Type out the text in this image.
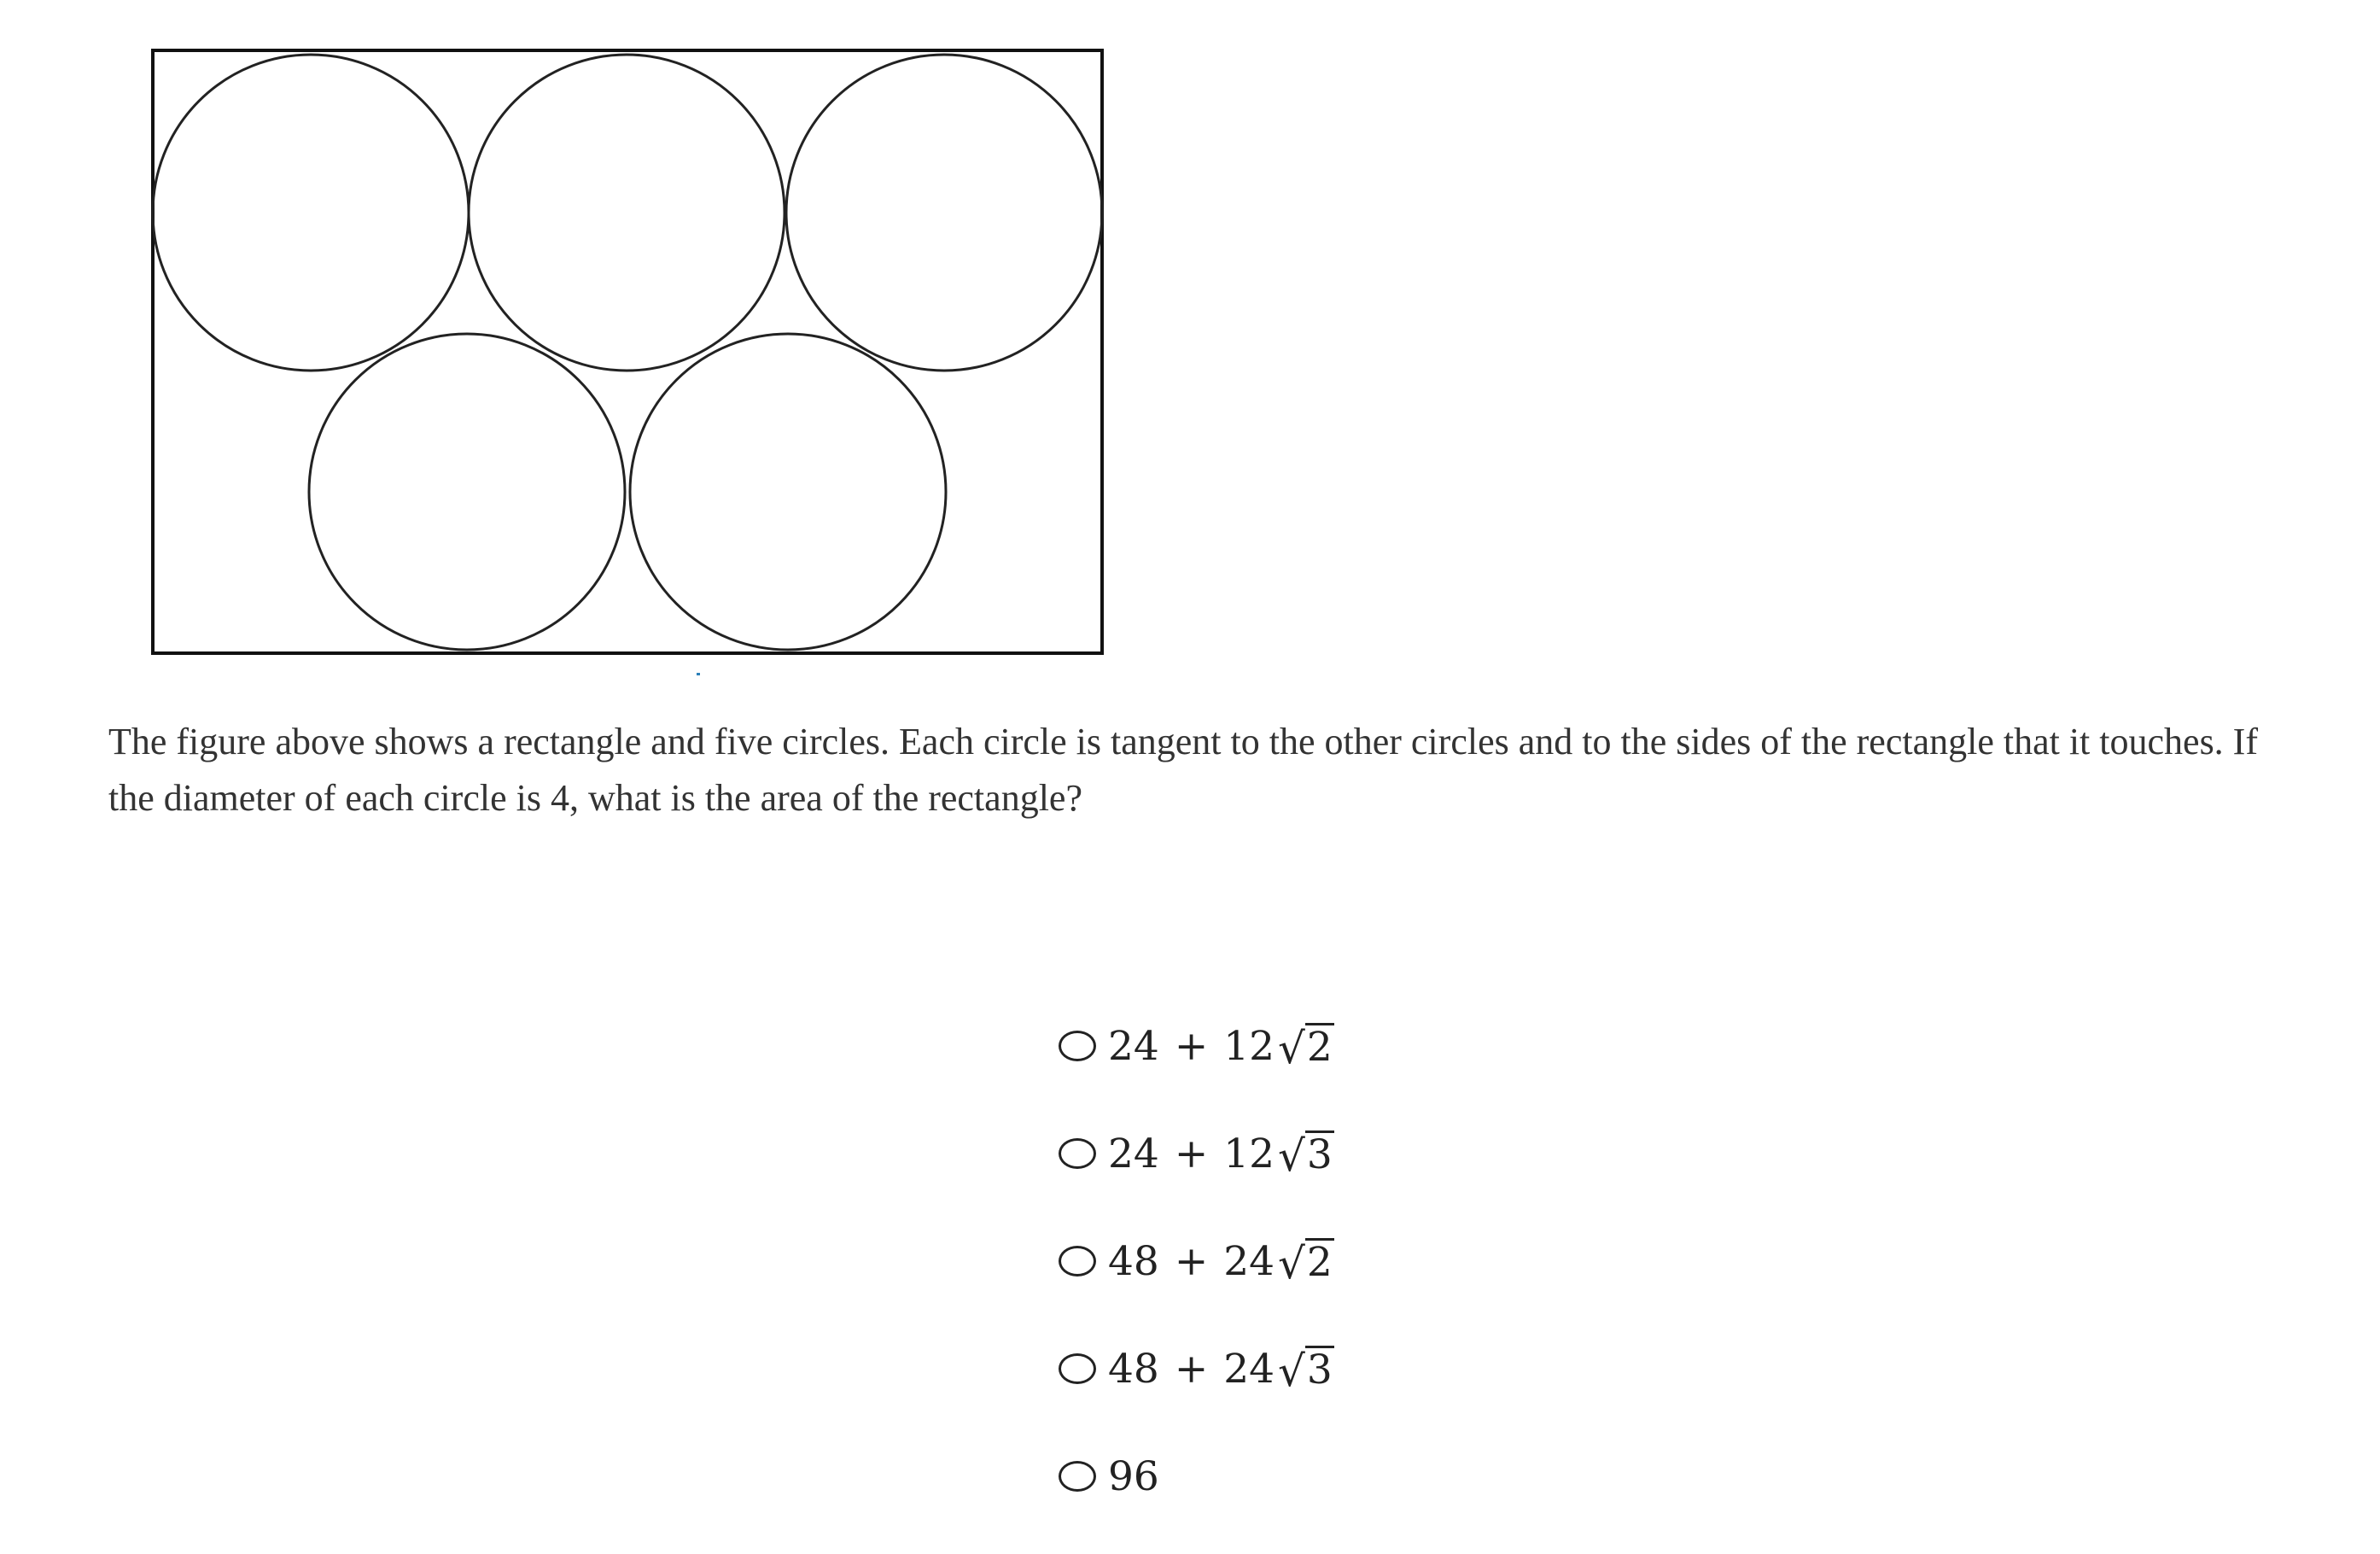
The figure above shows a rectangle and five circles. Each circle is tangent to the other circles and to the sides of the rectangle that it touches. If the diameter of each circle is 4, what is the area of the rectangle?

24 + 12 √ 2
24 + 12 √ 3
48 + 24 √ 2
48 + 24 √ 3
96
